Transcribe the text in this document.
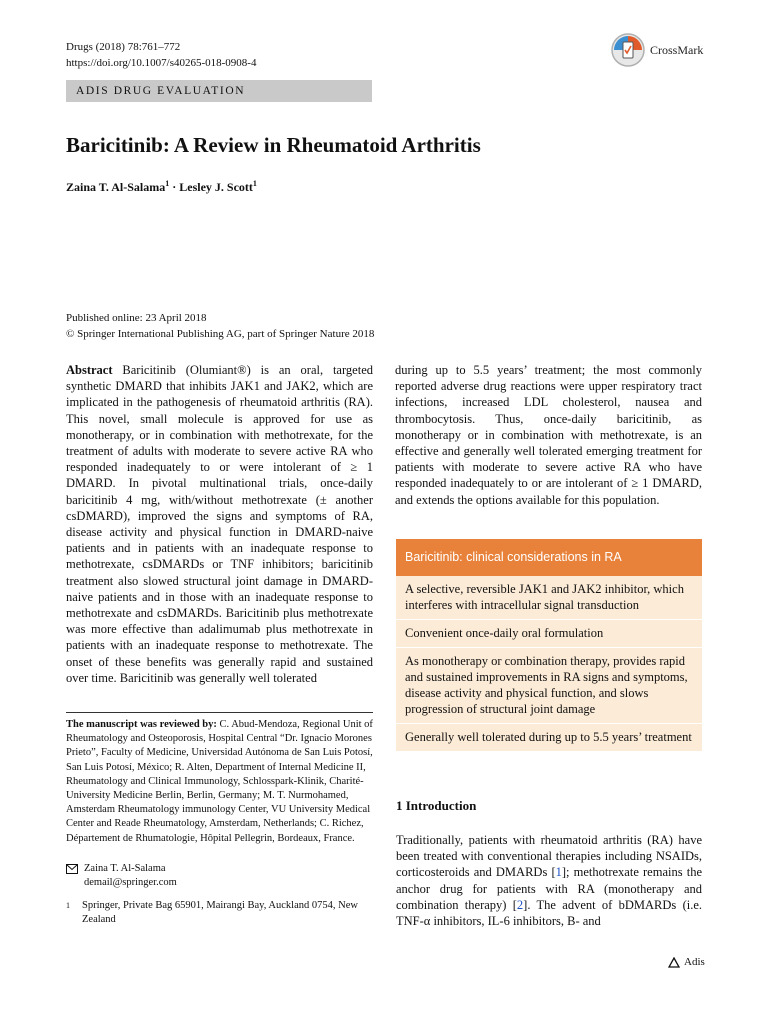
Drugs (2018) 78:761–772
https://doi.org/10.1007/s40265-018-0908-4
CrossMark
ADIS DRUG EVALUATION
Baricitinib: A Review in Rheumatoid Arthritis
Zaina T. Al-Salama$^1$ · Lesley J. Scott$^1$
Published online: 23 April 2018
© Springer International Publishing AG, part of Springer Nature 2018
Abstract Baricitinib (Olumiant®) is an oral, targeted synthetic DMARD that inhibits JAK1 and JAK2, which are implicated in the pathogenesis of rheumatoid arthritis (RA). This novel, small molecule is approved for use as monotherapy, or in combination with methotrexate, for the treatment of adults with moderate to severe active RA who responded inadequately to or were intolerant of ≥ 1 DMARD. In pivotal multinational trials, once-daily baricitinib 4 mg, with/without methotrexate (± another csDMARD), improved the signs and symptoms of RA, disease activity and physical function in DMARD-naive patients and in patients with an inadequate response to methotrexate, csDMARDs or TNF inhibitors; baricitinib treatment also slowed structural joint damage in DMARD-naive patients and in those with an inadequate response to methotrexate and csDMARDs. Baricitinib plus methotrexate was more effective than adalimumab plus methotrexate in patients with an inadequate response to methotrexate. The onset of these benefits was generally rapid and sustained over time. Baricitinib was generally well tolerated
during up to 5.5 years’ treatment; the most commonly reported adverse drug reactions were upper respiratory tract infections, increased LDL cholesterol, nausea and thrombocytosis. Thus, once-daily baricitinib, as monotherapy or in combination with methotrexate, is an effective and generally well tolerated emerging treatment for patients with moderate to severe active RA who have responded inadequately to or are intolerant of ≥ 1 DMARD, and extends the options available for this population.
Baricitinib: clinical considerations in RA
A selective, reversible JAK1 and JAK2 inhibitor, which interferes with intracellular signal transduction
Convenient once-daily oral formulation
As monotherapy or combination therapy, provides rapid and sustained improvements in RA signs and symptoms, disease activity and physical function, and slows progression of structural joint damage
Generally well tolerated during up to 5.5 years’ treatment
The manuscript was reviewed by: C. Abud-Mendoza, Regional Unit of Rheumatology and Osteoporosis, Hospital Central “Dr. Ignacio Morones Prieto”, Faculty of Medicine, Universidad Autónoma de San Luis Potosí, San Luis Potosí, México; R. Alten, Department of Internal Medicine II, Rheumatology and Clinical Immunology, Schlosspark-Klinik, Charité-University Medicine Berlin, Berlin, Germany; M. T. Nurmohamed, Amsterdam Rheumatology immunology Center, VU University Medical Center and Reade Rheumatology, Amsterdam, Netherlands; C. Richez, Département de Rhumatologie, Hôpital Pellegrin, Bordeaux, France.
Zaina T. Al-Salama
demail@springer.com
1 Springer, Private Bag 65901, Mairangi Bay, Auckland 0754, New Zealand
1 Introduction
Traditionally, patients with rheumatoid arthritis (RA) have been treated with conventional therapies including NSAIDs, corticosteroids and DMARDs [1]; methotrexate remains the anchor drug for patients with RA (monotherapy and combination therapy) [2]. The advent of bDMARDs (i.e. TNF-α inhibitors, IL-6 inhibitors, B- and
Adis
